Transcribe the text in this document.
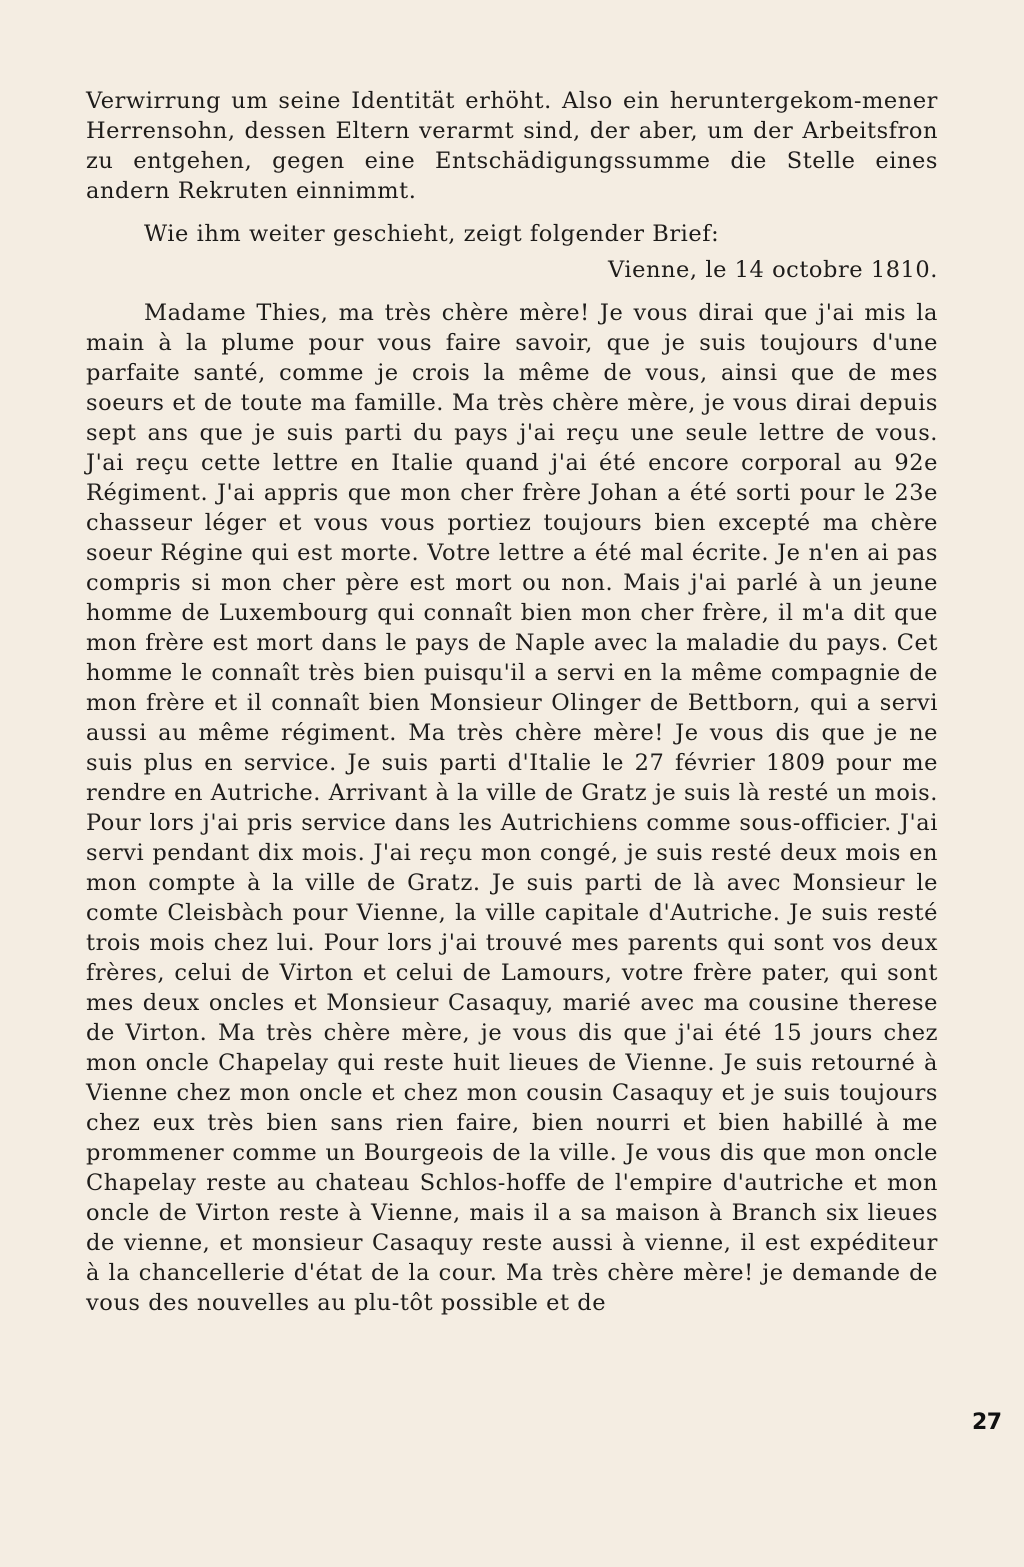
Verwirrung um seine Identität erhöht. Also ein heruntergekom-mener Herrensohn, dessen Eltern verarmt sind, der aber, um der Arbeitsfron zu entgehen, gegen eine Entschädigungssumme die Stelle eines andern Rekruten einnimmt.

Wie ihm weiter geschieht, zeigt folgender Brief:

Vienne, le 14 octobre 1810.

Madame Thies, ma très chère mère! Je vous dirai que j'ai mis la main à la plume pour vous faire savoir, que je suis toujours d'une parfaite santé, comme je crois la même de vous, ainsi que de mes soeurs et de toute ma famille. Ma très chère mère, je vous dirai depuis sept ans que je suis parti du pays j'ai reçu une seule lettre de vous. J'ai reçu cette lettre en Italie quand j'ai été encore corporal au 92e Régiment. J'ai appris que mon cher frère Johan a été sorti pour le 23e chasseur léger et vous vous portiez toujours bien excepté ma chère soeur Régine qui est morte. Votre lettre a été mal écrite. Je n'en ai pas compris si mon cher père est mort ou non. Mais j'ai parlé à un jeune homme de Luxembourg qui connaît bien mon cher frère, il m'a dit que mon frère est mort dans le pays de Naple avec la maladie du pays. Cet homme le connaît très bien puisqu'il a servi en la même compagnie de mon frère et il connaît bien Monsieur Olinger de Bettborn, qui a servi aussi au même régiment. Ma très chère mère! Je vous dis que je ne suis plus en service. Je suis parti d'Italie le 27 février 1809 pour me rendre en Autriche. Arrivant à la ville de Gratz je suis là resté un mois. Pour lors j'ai pris service dans les Autrichiens comme sous-officier. J'ai servi pendant dix mois. J'ai reçu mon congé, je suis resté deux mois en mon compte à la ville de Gratz. Je suis parti de là avec Monsieur le comte Cleisbàch pour Vienne, la ville capitale d'Autriche. Je suis resté trois mois chez lui. Pour lors j'ai trouvé mes parents qui sont vos deux frères, celui de Virton et celui de Lamours, votre frère pater, qui sont mes deux oncles et Monsieur Casaquy, marié avec ma cousine therese de Virton. Ma très chère mère, je vous dis que j'ai été 15 jours chez mon oncle Chapelay qui reste huit lieues de Vienne. Je suis retourné à Vienne chez mon oncle et chez mon cousin Casaquy et je suis toujours chez eux très bien sans rien faire, bien nourri et bien habillé à me prommener comme un Bourgeois de la ville. Je vous dis que mon oncle Chapelay reste au chateau Schlos-hoffe de l'empire d'autriche et mon oncle de Virton reste à Vienne, mais il a sa maison à Branch six lieues de vienne, et monsieur Casaquy reste aussi à vienne, il est expéditeur à la chancellerie d'état de la cour. Ma très chère mère! je demande de vous des nouvelles au plu-tôt possible et de

27
